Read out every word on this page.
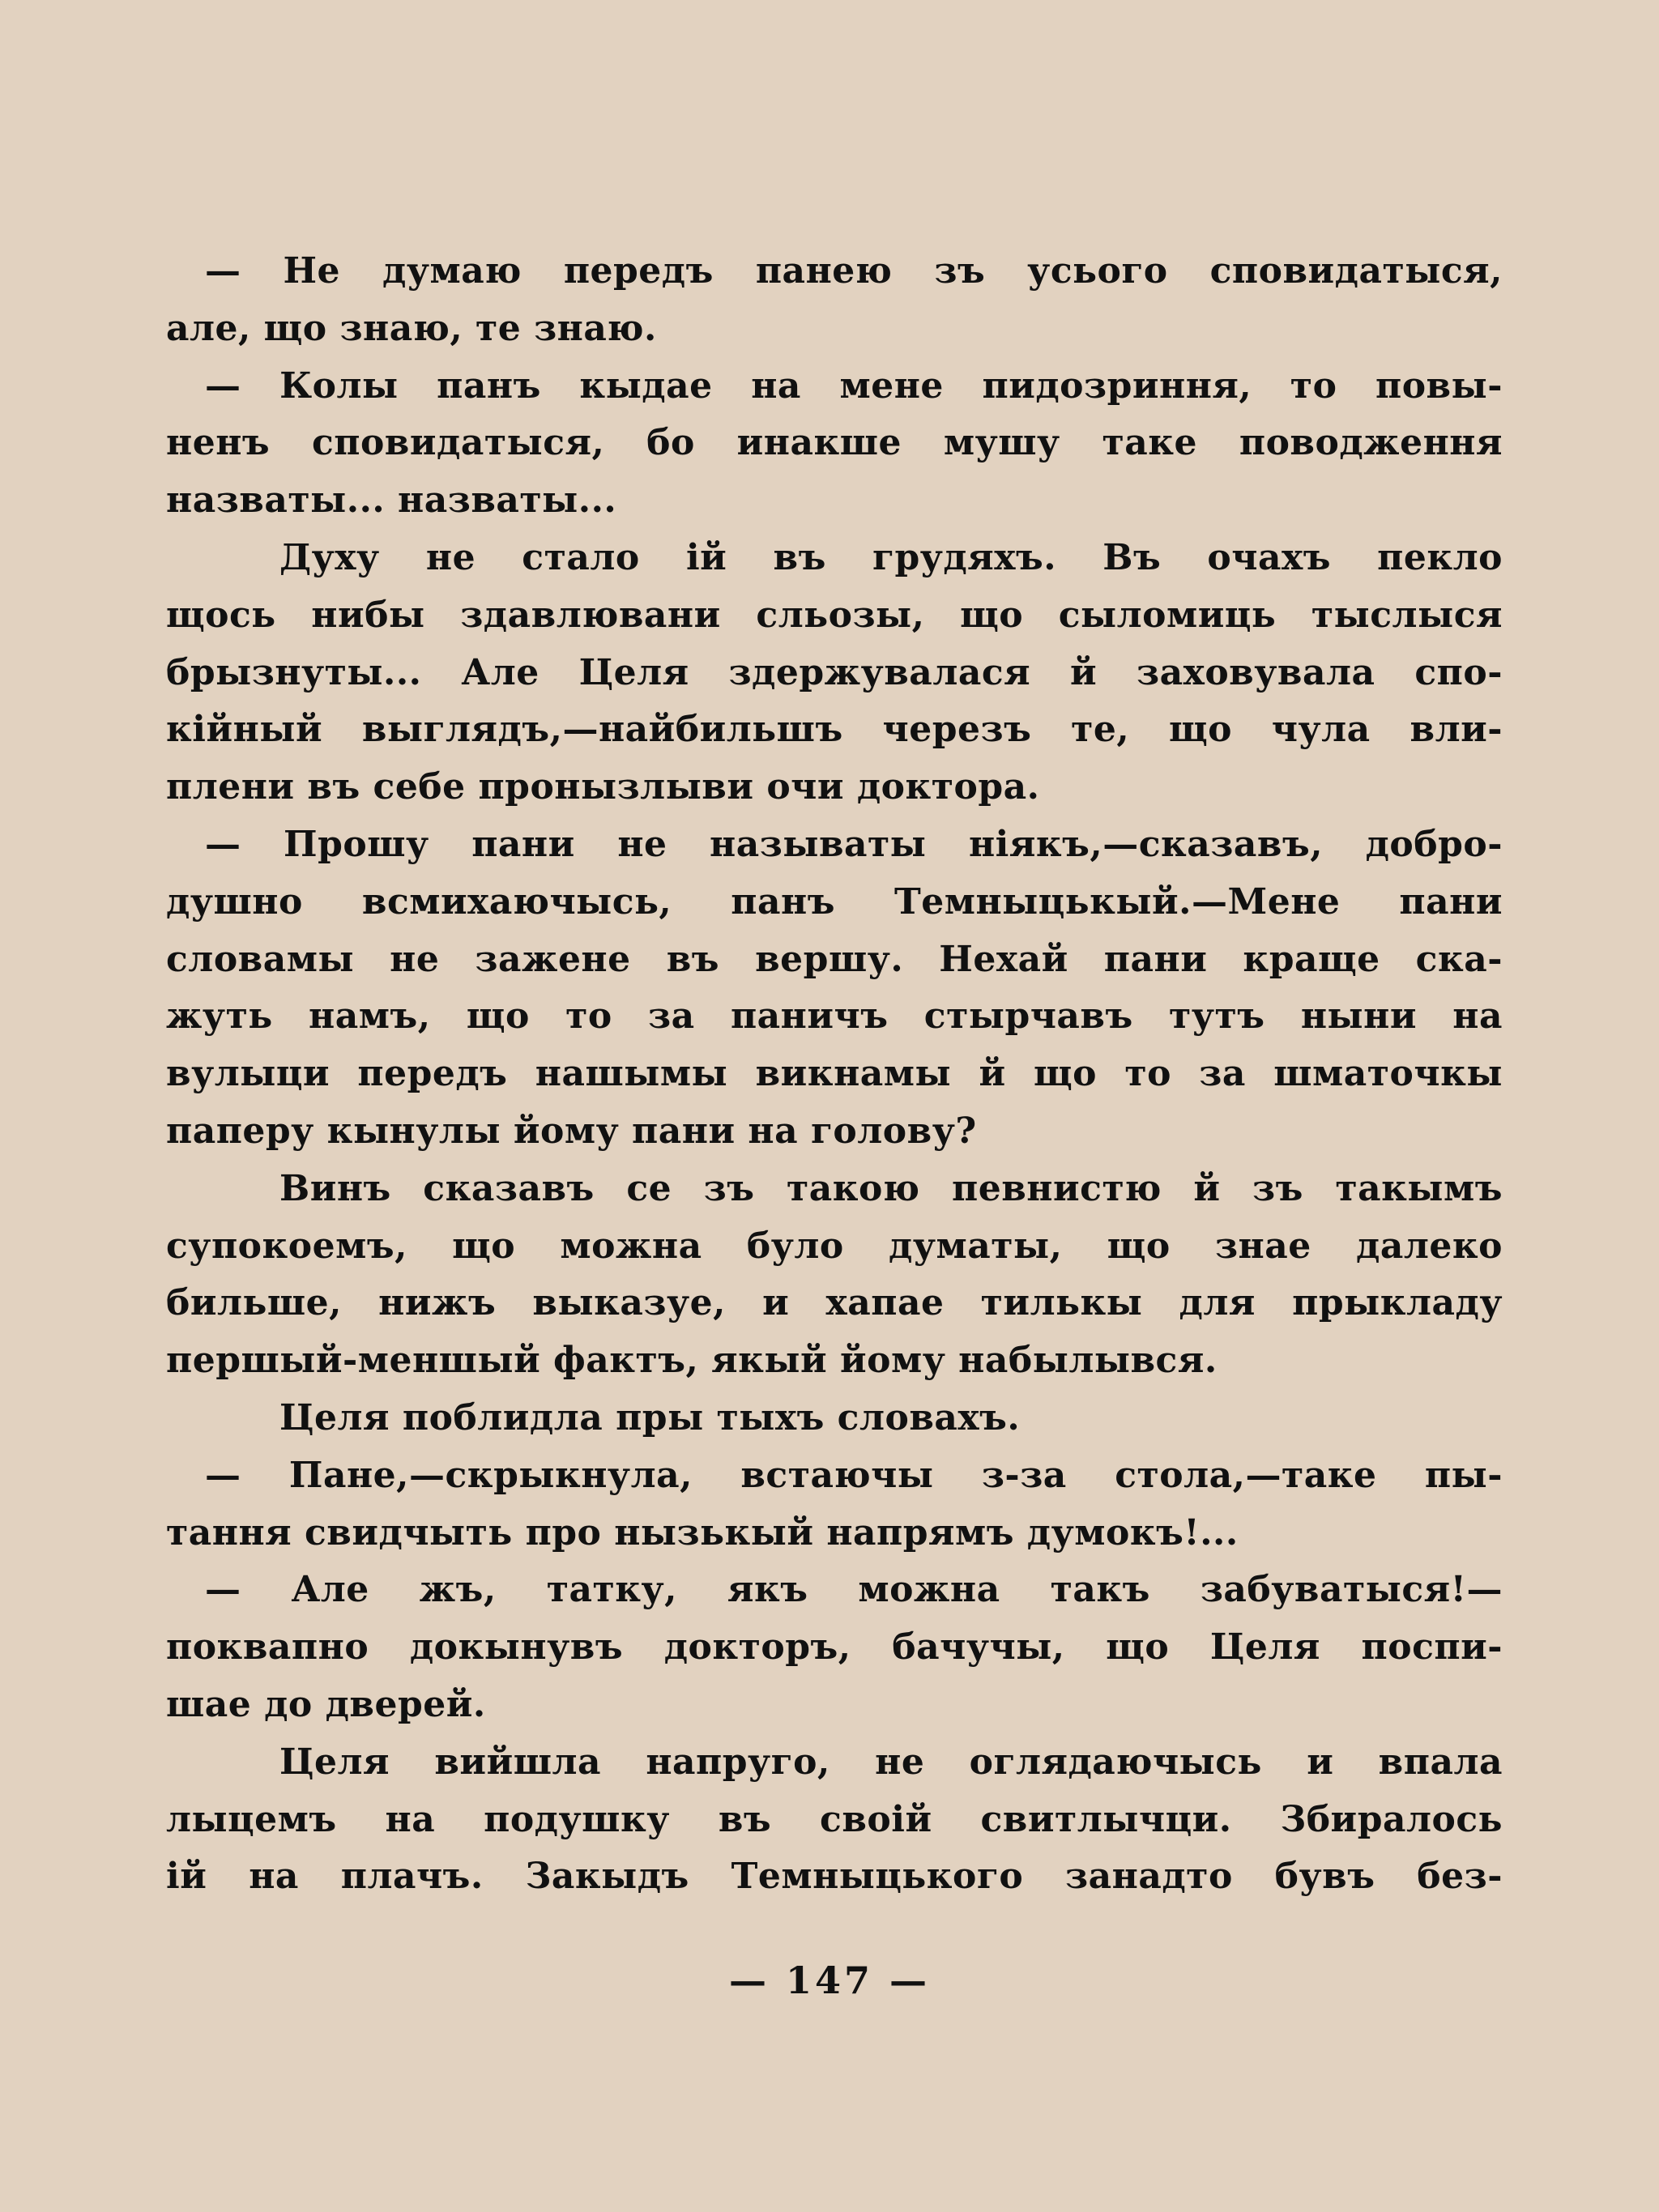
— Не думаю передъ панею зъ усього сповидатыся,
але, що знаю, те знаю.
— Колы панъ кыдае на мене пидозриння, то повы-
ненъ сповидатыся, бо инакше мушу таке поводження
назваты... назваты...
Духу не стало ій въ грудяхъ. Въ очахъ пекло
щось нибы здавлювани сльозы, що сыломиць тыслыся
брызнуты... Але Целя здержувалася й заховувала спо-
кійный выглядъ,—найбильшъ черезъ те, що чула вли-
плени въ себе пронызлыви очи доктора.
— Прошу пани не называты ніякъ,—сказавъ, добро-
душно всмихаючысь, панъ Темныцькый.—Мене пани
словамы не зажене въ вершу. Нехай пани краще ска-
жуть намъ, що то за паничъ стырчавъ тутъ ныни на
вулыци передъ нашымы викнамы й що то за шматочкы
паперу кынулы йому пани на голову?
Винъ сказавъ се зъ такою певнистю й зъ такымъ
супокоемъ, що можна було думаты, що знае далеко
бильше, нижъ выказуе, и хапае тилькы для прыкладу
першый-меншый фактъ, якый йому набылывся.
Целя поблидла пры тыхъ словахъ.
— Пане,—скрыкнула, встаючы з-за стола,—таке пы-
тання свидчыть про нызькый напрямъ думокъ!...
— Але жъ, татку, якъ можна такъ забуватыся!—
поквапно докынувъ докторъ, бачучы, що Целя поспи-
шае до дверей.
Целя вийшла напруго, не оглядаючысь и впала
лыцемъ на подушку въ своій свитлычци. Збиралось
ій на плачъ. Закыдъ Темныцького занадто бувъ без-
— 147 —
